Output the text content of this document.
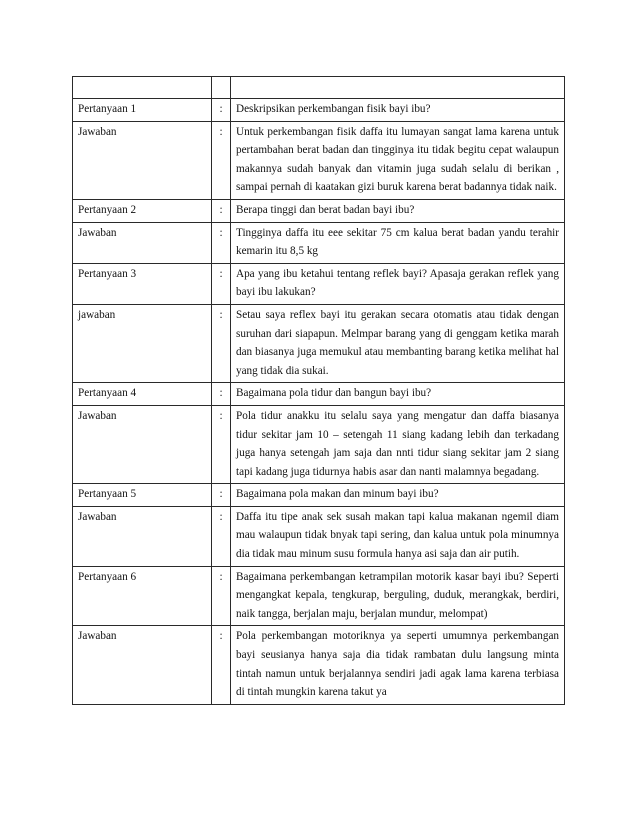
Pertanyaan 1	:	Deskripsikan perkembangan fisik bayi ibu?
Jawaban	:	Untuk perkembangan fisik daffa itu lumayan sangat lama karena untuk pertambahan berat badan dan tingginya itu tidak begitu cepat walaupun makannya sudah banyak dan vitamin juga sudah selalu di berikan , sampai pernah di kaatakan gizi buruk karena berat badannya tidak naik.
Pertanyaan 2	:	Berapa tinggi dan berat badan bayi ibu?
Jawaban	:	Tingginya daffa itu eee sekitar 75 cm kalua berat badan yandu terahir kemarin itu 8,5 kg
Pertanyaan 3	:	Apa yang ibu ketahui tentang reflek bayi? Apasaja gerakan reflek yang bayi ibu lakukan?
jawaban	:	Setau saya reflex bayi itu gerakan secara otomatis atau tidak dengan suruhan dari siapapun. Melmpar barang yang di genggam ketika marah dan biasanya juga memukul atau membanting barang ketika melihat hal yang tidak dia sukai.
Pertanyaan 4	:	Bagaimana pola tidur dan bangun bayi ibu?
Jawaban	:	Pola tidur anakku itu selalu saya yang mengatur dan daffa biasanya tidur sekitar jam 10 – setengah 11 siang kadang lebih dan terkadang juga hanya setengah jam saja dan nnti tidur siang sekitar jam 2 siang tapi kadang juga tidurnya habis asar dan nanti malamnya begadang.
Pertanyaan 5	:	Bagaimana pola makan dan minum bayi ibu?
Jawaban	:	Daffa itu tipe anak sek susah makan tapi kalua makanan ngemil diam mau walaupun tidak bnyak tapi sering, dan kalua untuk pola minumnya dia tidak mau minum susu formula hanya asi saja dan air putih.
Pertanyaan 6	:	Bagaimana perkembangan ketrampilan motorik kasar bayi ibu? Seperti mengangkat kepala, tengkurap, berguling, duduk, merangkak, berdiri, naik tangga, berjalan maju, berjalan mundur, melompat)
Jawaban	:	Pola perkembangan motoriknya ya seperti umumnya perkembangan bayi seusianya hanya saja dia tidak rambatan dulu langsung minta tintah namun untuk berjalannya sendiri jadi agak lama karena terbiasa di tintah mungkin karena takut ya
